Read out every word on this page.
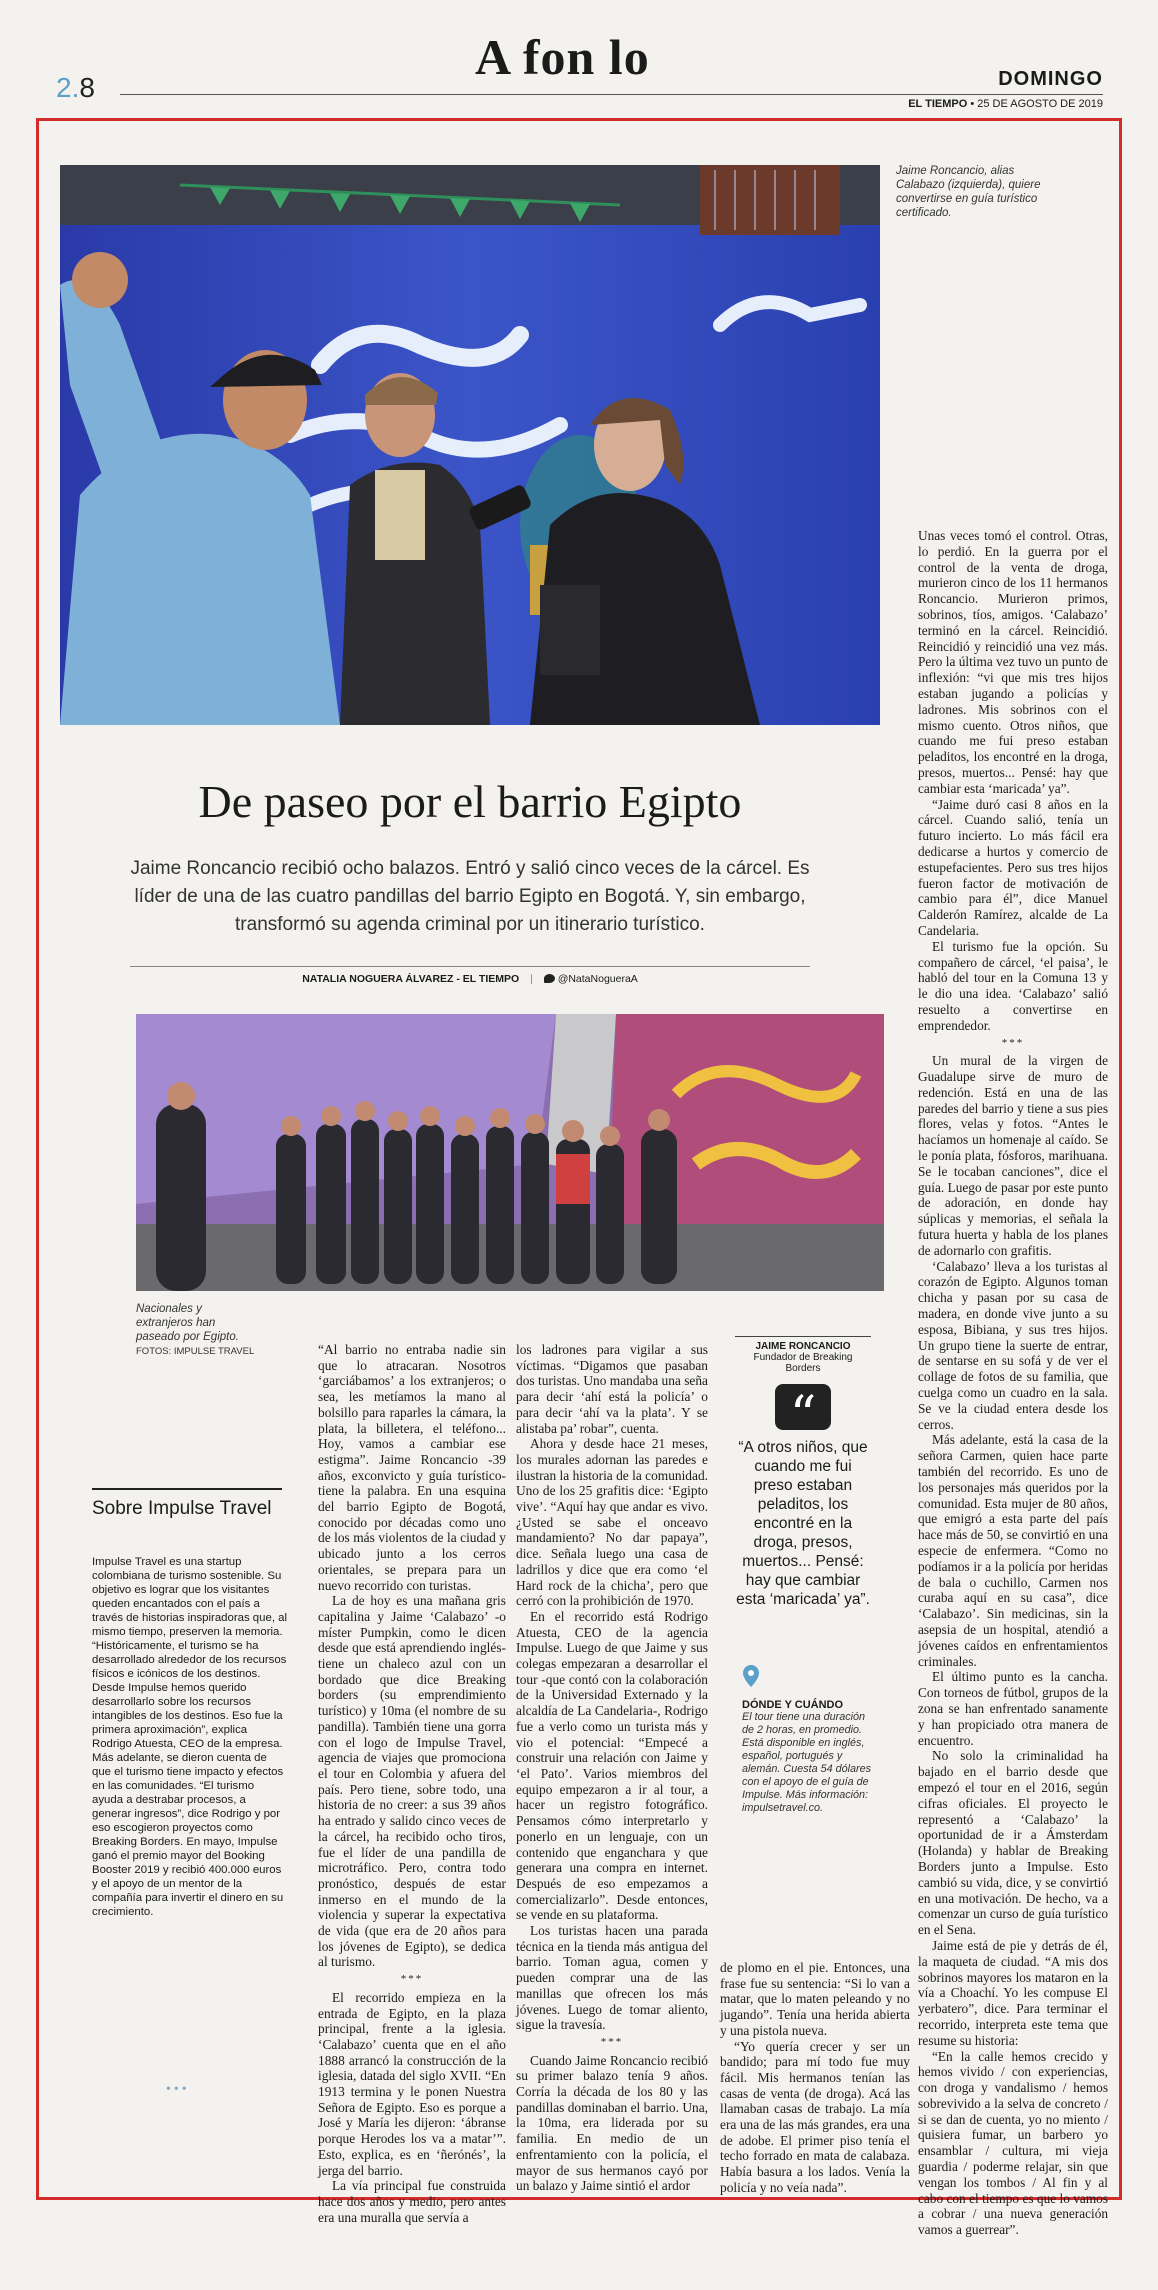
A fon lo
2.8	DOMINGO
EL TIEMPO • 25 DE AGOSTO DE 2019
Jaime Roncancio, alias Calabazo (izquierda), quiere convertirse en guía turístico certificado.
De paseo por el barrio Egipto
Jaime Roncancio recibió ocho balazos. Entró y salió cinco veces de la cárcel. Es líder de una de las cuatro pandillas del barrio Egipto en Bogotá. Y, sin embargo, transformó su agenda criminal por un itinerario turístico.
NATALIA NOGUERA ÁLVAREZ - EL TIEMPO | @NataNogueraA
Nacionales y extranjeros han paseado por Egipto. FOTOS: IMPULSE TRAVEL
Sobre Impulse Travel
Impulse Travel es una startup colombiana de turismo sostenible. Su objetivo es lograr que los visitantes queden encantados con el país a través de historias inspiradoras que, al mismo tiempo, preserven la memoria. “Históricamente, el turismo se ha desarrollado alrededor de los recursos físicos e icónicos de los destinos. Desde Impulse hemos querido desarrollarlo sobre los recursos intangibles de los destinos. Eso fue la primera aproximación”, explica Rodrigo Atuesta, CEO de la empresa. Más adelante, se dieron cuenta de que el turismo tiene impacto y efectos en las comunidades. “El turismo ayuda a destrabar procesos, a generar ingresos”, dice Rodrigo y por eso escogieron proyectos como Breaking Borders. En mayo, Impulse ganó el premio mayor del Booking Booster 2019 y recibió 400.000 euros y el apoyo de un mentor de la compañía para invertir el dinero en su crecimiento.
•••

“Al barrio no entraba nadie sin que lo atracaran. Nosotros ‘garciábamos’ a los extranjeros; o sea, les metíamos la mano al bolsillo para raparles la cámara, la plata, la billetera, el teléfono... Hoy, vamos a cambiar ese estigma”. Jaime Roncancio -39 años, exconvicto y guía turístico- tiene la palabra. En una esquina del barrio Egipto de Bogotá, conocido por décadas como uno de los más violentos de la ciudad y ubicado junto a los cerros orientales, se prepara para un nuevo recorrido con turistas.

La de hoy es una mañana gris capitalina y Jaime ‘Calabazo’ -o míster Pumpkin, como le dicen desde que está aprendiendo inglés- tiene un chaleco azul con un bordado que dice Breaking borders (su emprendimiento turístico) y 10ma (el nombre de su pandilla). También tiene una gorra con el logo de Impulse Travel, agencia de viajes que promociona el tour en Colombia y afuera del país. Pero tiene, sobre todo, una historia de no creer: a sus 39 años ha entrado y salido cinco veces de la cárcel, ha recibido ocho tiros, fue el líder de una pandilla de microtráfico. Pero, contra todo pronóstico, después de estar inmerso en el mundo de la violencia y superar la expectativa de vida (que era de 20 años para los jóvenes de Egipto), se dedica al turismo.

***

El recorrido empieza en la entrada de Egipto, en la plaza principal, frente a la iglesia. ‘Calabazo’ cuenta que en el año 1888 arrancó la construcción de la iglesia, datada del siglo XVII. “En 1913 termina y le ponen Nuestra Señora de Egipto. Eso es porque a José y María les dijeron: ‘ábranse porque Herodes los va a matar’”. Esto, explica, es en ‘ñerónés’, la jerga del barrio.

La vía principal fue construida hace dos años y medio, pero antes era una muralla que servía a

los ladrones para vigilar a sus víctimas. “Digamos que pasaban dos turistas. Uno mandaba una seña para decir ‘ahí está la policía’ o para decir ‘ahí va la plata’. Y se alistaba pa’ robar”, cuenta.

Ahora y desde hace 21 meses, los murales adornan las paredes e ilustran la historia de la comunidad. Uno de los 25 grafitis dice: ‘Egipto vive’. “Aquí hay que andar es vivo. ¿Usted se sabe el onceavo mandamiento? No dar papaya”, dice. Señala luego una casa de ladrillos y dice que era como ‘el Hard rock de la chicha’, pero que cerró con la prohibición de 1970.

En el recorrido está Rodrigo Atuesta, CEO de la agencia Impulse. Luego de que Jaime y sus colegas empezaran a desarrollar el tour -que contó con la colaboración de la Universidad Externado y la alcaldía de La Candelaria-, Rodrigo fue a verlo como un turista más y vio el potencial: “Empecé a construir una relación con Jaime y ‘el Pato’. Varios miembros del equipo empezaron a ir al tour, a hacer un registro fotográfico. Pensamos cómo interpretarlo y ponerlo en un lenguaje, con un contenido que enganchara y que generara una compra en internet. Después de eso empezamos a comercializarlo”. Desde entonces, se vende en su plataforma.

Los turistas hacen una parada técnica en la tienda más antigua del barrio. Toman agua, comen y pueden comprar una de las manillas que ofrecen los más jóvenes. Luego de tomar aliento, sigue la travesía.

***

Cuando Jaime Roncancio recibió su primer balazo tenía 9 años. Corría la década de los 80 y las pandillas dominaban el barrio. Una, la 10ma, era liderada por su familia. En medio de un enfrentamiento con la policía, el mayor de sus hermanos cayó por un balazo y Jaime sintió el ardor

JAIME RONCANCIO
Fundador de Breaking Borders
“
“A otros niños, que cuando me fui preso estaban peladitos, los encontré en la droga, presos, muertos... Pensé: hay que cambiar esta ‘maricada’ ya”.
DÓNDE Y CUÁNDO
El tour tiene una duración de 2 horas, en promedio. Está disponible en inglés, español, portugués y alemán. Cuesta 54 dólares con el apoyo de el guía de Impulse. Más información: impulsetravel.co.

de plomo en el pie. Entonces, una frase fue su sentencia: “Si lo van a matar, que lo maten peleando y no jugando”. Tenía una herida abierta y una pistola nueva.

“Yo quería crecer y ser un bandido; para mí todo fue muy fácil. Mis hermanos tenían las casas de venta (de droga). Acá las llamaban casas de trabajo. La mía era una de las más grandes, era una de adobe. El primer piso tenía el techo forrado en mata de calabaza. Había basura a los lados. Venía la policía y no veía nada”.

Unas veces tomó el control. Otras, lo perdió. En la guerra por el control de la venta de droga, murieron cinco de los 11 hermanos Roncancio. Murieron primos, sobrinos, tíos, amigos. ‘Calabazo’ terminó en la cárcel. Reincidió. Reincidió y reincidió una vez más. Pero la última vez tuvo un punto de inflexión: “vi que mis tres hijos estaban jugando a policías y ladrones. Mis sobrinos con el mismo cuento. Otros niños, que cuando me fui preso estaban peladitos, los encontré en la droga, presos, muertos... Pensé: hay que cambiar esta ‘maricada’ ya”.

“Jaime duró casi 8 años en la cárcel. Cuando salió, tenía un futuro incierto. Lo más fácil era dedicarse a hurtos y comercio de estupefacientes. Pero sus tres hijos fueron factor de motivación de cambio para él”, dice Manuel Calderón Ramírez, alcalde de La Candelaria.

El turismo fue la opción. Su compañero de cárcel, ‘el paisa’, le habló del tour en la Comuna 13 y le dio una idea. ‘Calabazo’ salió resuelto a convertirse en emprendedor.

***

Un mural de la virgen de Guadalupe sirve de muro de redención. Está en una de las paredes del barrio y tiene a sus pies flores, velas y fotos. “Antes le hacíamos un homenaje al caído. Se le ponía plata, fósforos, marihuana. Se le tocaban canciones”, dice el guía. Luego de pasar por este punto de adoración, en donde hay súplicas y memorias, el señala la futura huerta y habla de los planes de adornarlo con grafitis.

‘Calabazo’ lleva a los turistas al corazón de Egipto. Algunos toman chicha y pasan por su casa de madera, en donde vive junto a su esposa, Bibiana, y sus tres hijos. Un grupo tiene la suerte de entrar, de sentarse en su sofá y de ver el collage de fotos de su familia, que cuelga como un cuadro en la sala. Se ve la ciudad entera desde los cerros.

Más adelante, está la casa de la señora Carmen, quien hace parte también del recorrido. Es uno de los personajes más queridos por la comunidad. Esta mujer de 80 años, que emigró a esta parte del país hace más de 50, se convirtió en una especie de enfermera. “Como no podíamos ir a la policía por heridas de bala o cuchillo, Carmen nos curaba aquí en su casa”, dice ‘Calabazo’. Sin medicinas, sin la asepsia de un hospital, atendió a jóvenes caídos en enfrentamientos criminales.

El último punto es la cancha. Con torneos de fútbol, grupos de la zona se han enfrentado sanamente y han propiciado otra manera de encuentro.

No solo la criminalidad ha bajado en el barrio desde que empezó el tour en el 2016, según cifras oficiales. El proyecto le representó a ‘Calabazo’ la oportunidad de ir a Ámsterdam (Holanda) y hablar de Breaking Borders junto a Impulse. Esto cambió su vida, dice, y se convirtió en una motivación. De hecho, va a comenzar un curso de guía turístico en el Sena.

Jaime está de pie y detrás de él, la maqueta de ciudad. “A mis dos sobrinos mayores los mataron en la vía a Choachí. Yo les compuse El yerbatero”, dice. Para terminar el recorrido, interpreta este tema que resume su historia:

“En la calle hemos crecido y hemos vivido / con experiencias, con droga y vandalismo / hemos sobrevivido a la selva de concreto / si se dan de cuenta, yo no miento / quisiera fumar, un barbero yo ensamblar / cultura, mi vieja guardia / poderme relajar, sin que vengan los tombos / Al fin y al cabo con el tiempo es que lo vamos a cobrar / una nueva generación vamos a guerrear”.
